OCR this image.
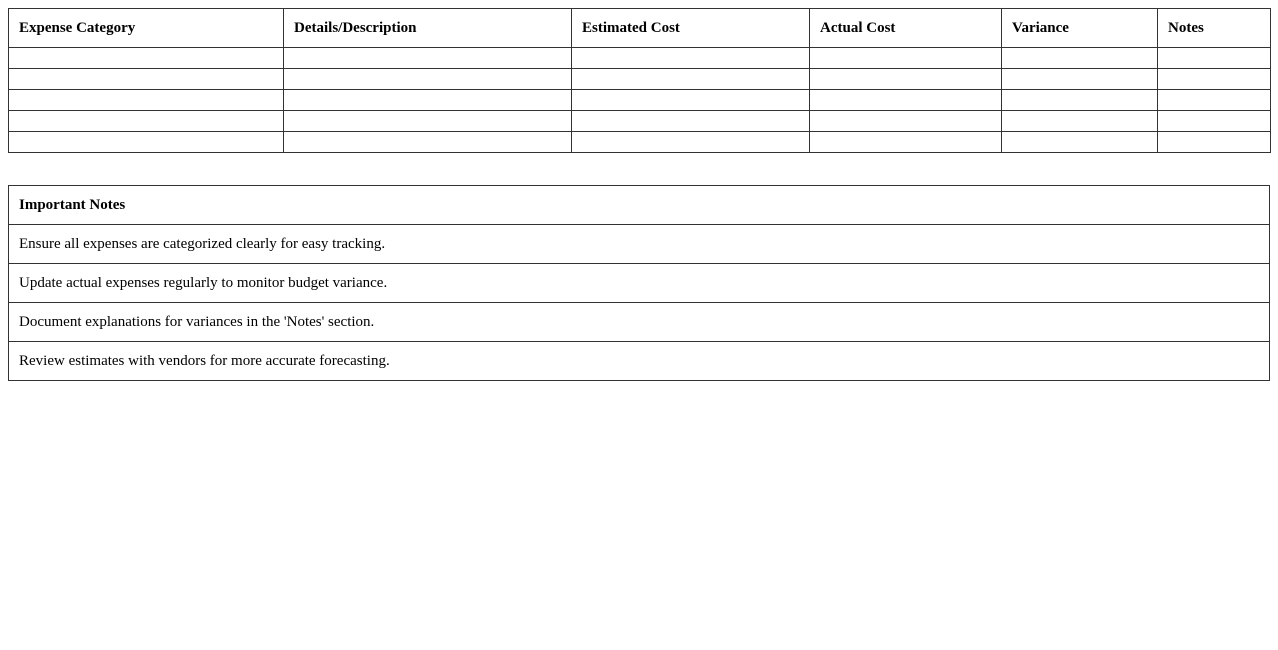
Expense Category	Details/Description	Estimated Cost	Actual Cost	Variance	Notes

Important Notes
Ensure all expenses are categorized clearly for easy tracking.
Update actual expenses regularly to monitor budget variance.
Document explanations for variances in the 'Notes' section.
Review estimates with vendors for more accurate forecasting.
